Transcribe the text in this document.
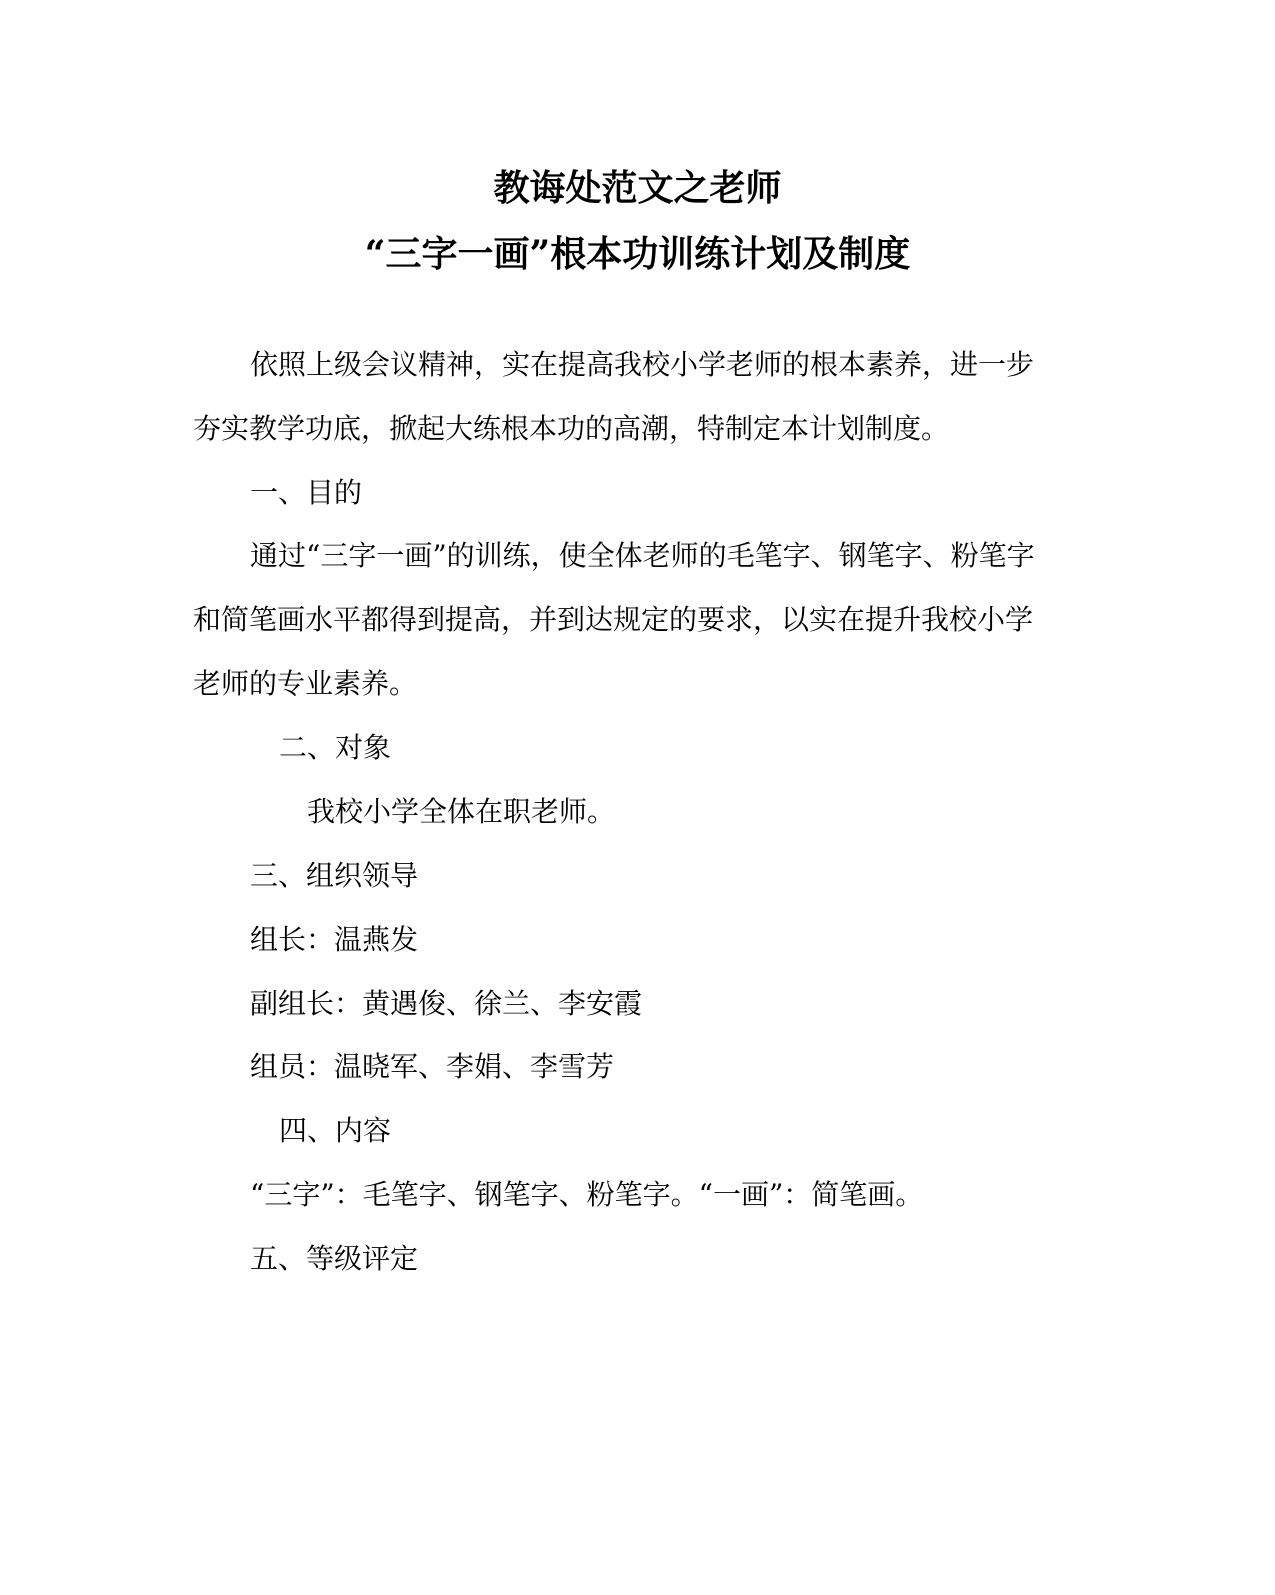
教诲处范文之老师
“三字一画”根本功训练计划及制度
依照上级会议精神，实在提高我校小学老师的根本素养，进一步
夯实教学功底，掀起大练根本功的高潮，特制定本计划制度。
一、目的
通过“三字一画”的训练，使全体老师的毛笔字、钢笔字、粉笔字
和简笔画水平都得到提高，并到达规定的要求，以实在提升我校小学
老师的专业素养。
二、对象
我校小学全体在职老师。
三、组织领导
组长：温燕发
副组长：黄遇俊、徐兰、李安霞
组员：温晓军、李娟、李雪芳
四、内容
“三字”：毛笔字、钢笔字、粉笔字。“一画”：简笔画。
五、等级评定
